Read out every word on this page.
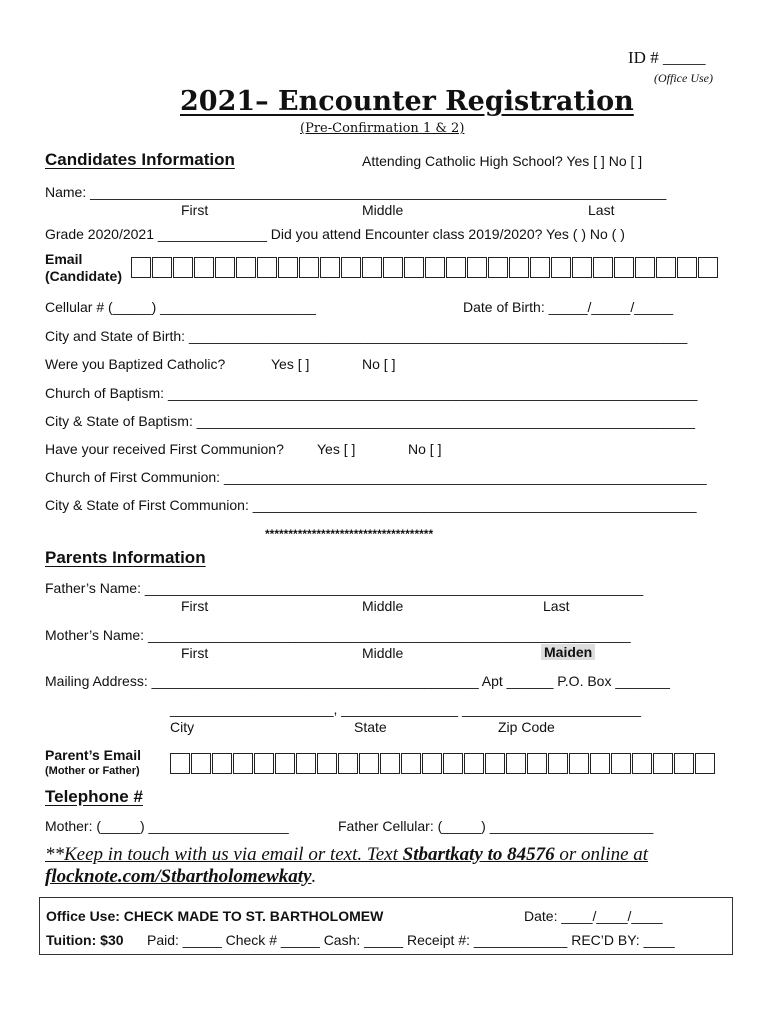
ID # _____
(Office Use)
2021– Encounter Registration
(Pre-Confirmation 1 & 2)
Candidates Information	Attending Catholic High School? Yes [ ] No [ ]
Name: __________________________________________________________________________
First	Middle	Last
Grade 2020/2021 ______________ Did you attend Encounter class 2019/2020? Yes ( ) No ( )
Email
(Candidate)
Cellular # (_____) ____________________	Date of Birth: _____/_____/_____
City and State of Birth: ________________________________________________________________
Were you Baptized Catholic?	Yes [ ]	No [ ]
Church of Baptism: ____________________________________________________________________
City & State of Baptism: ________________________________________________________________
Have your received First Communion? Yes [ ]	No [ ]
Church of First Communion: ______________________________________________________________
City & State of First Communion: _________________________________________________________
************************************
Parents Information
Father’s Name: ________________________________________________________________
First	Middle	Last
Mother’s Name: ______________________________________________________________
First	Middle	Maiden
Mailing Address: __________________________________________ Apt ______ P.O. Box _______
_____________________, _______________ _______________________
City	State	Zip Code
Parent’s Email
(Mother or Father)
Telephone #
Mother: (_____) __________________	Father Cellular: (_____) _____________________
**Keep in touch with us via email or text. Text Stbartkaty to 84576 or online at
flocknote.com/Stbartholomewkaty.
Office Use: CHECK MADE TO ST. BARTHOLOMEW	Date: ____/____/____
Tuition: $30 Paid: _____ Check # _____ Cash: _____ Receipt #: ____________ REC’D BY: ____
